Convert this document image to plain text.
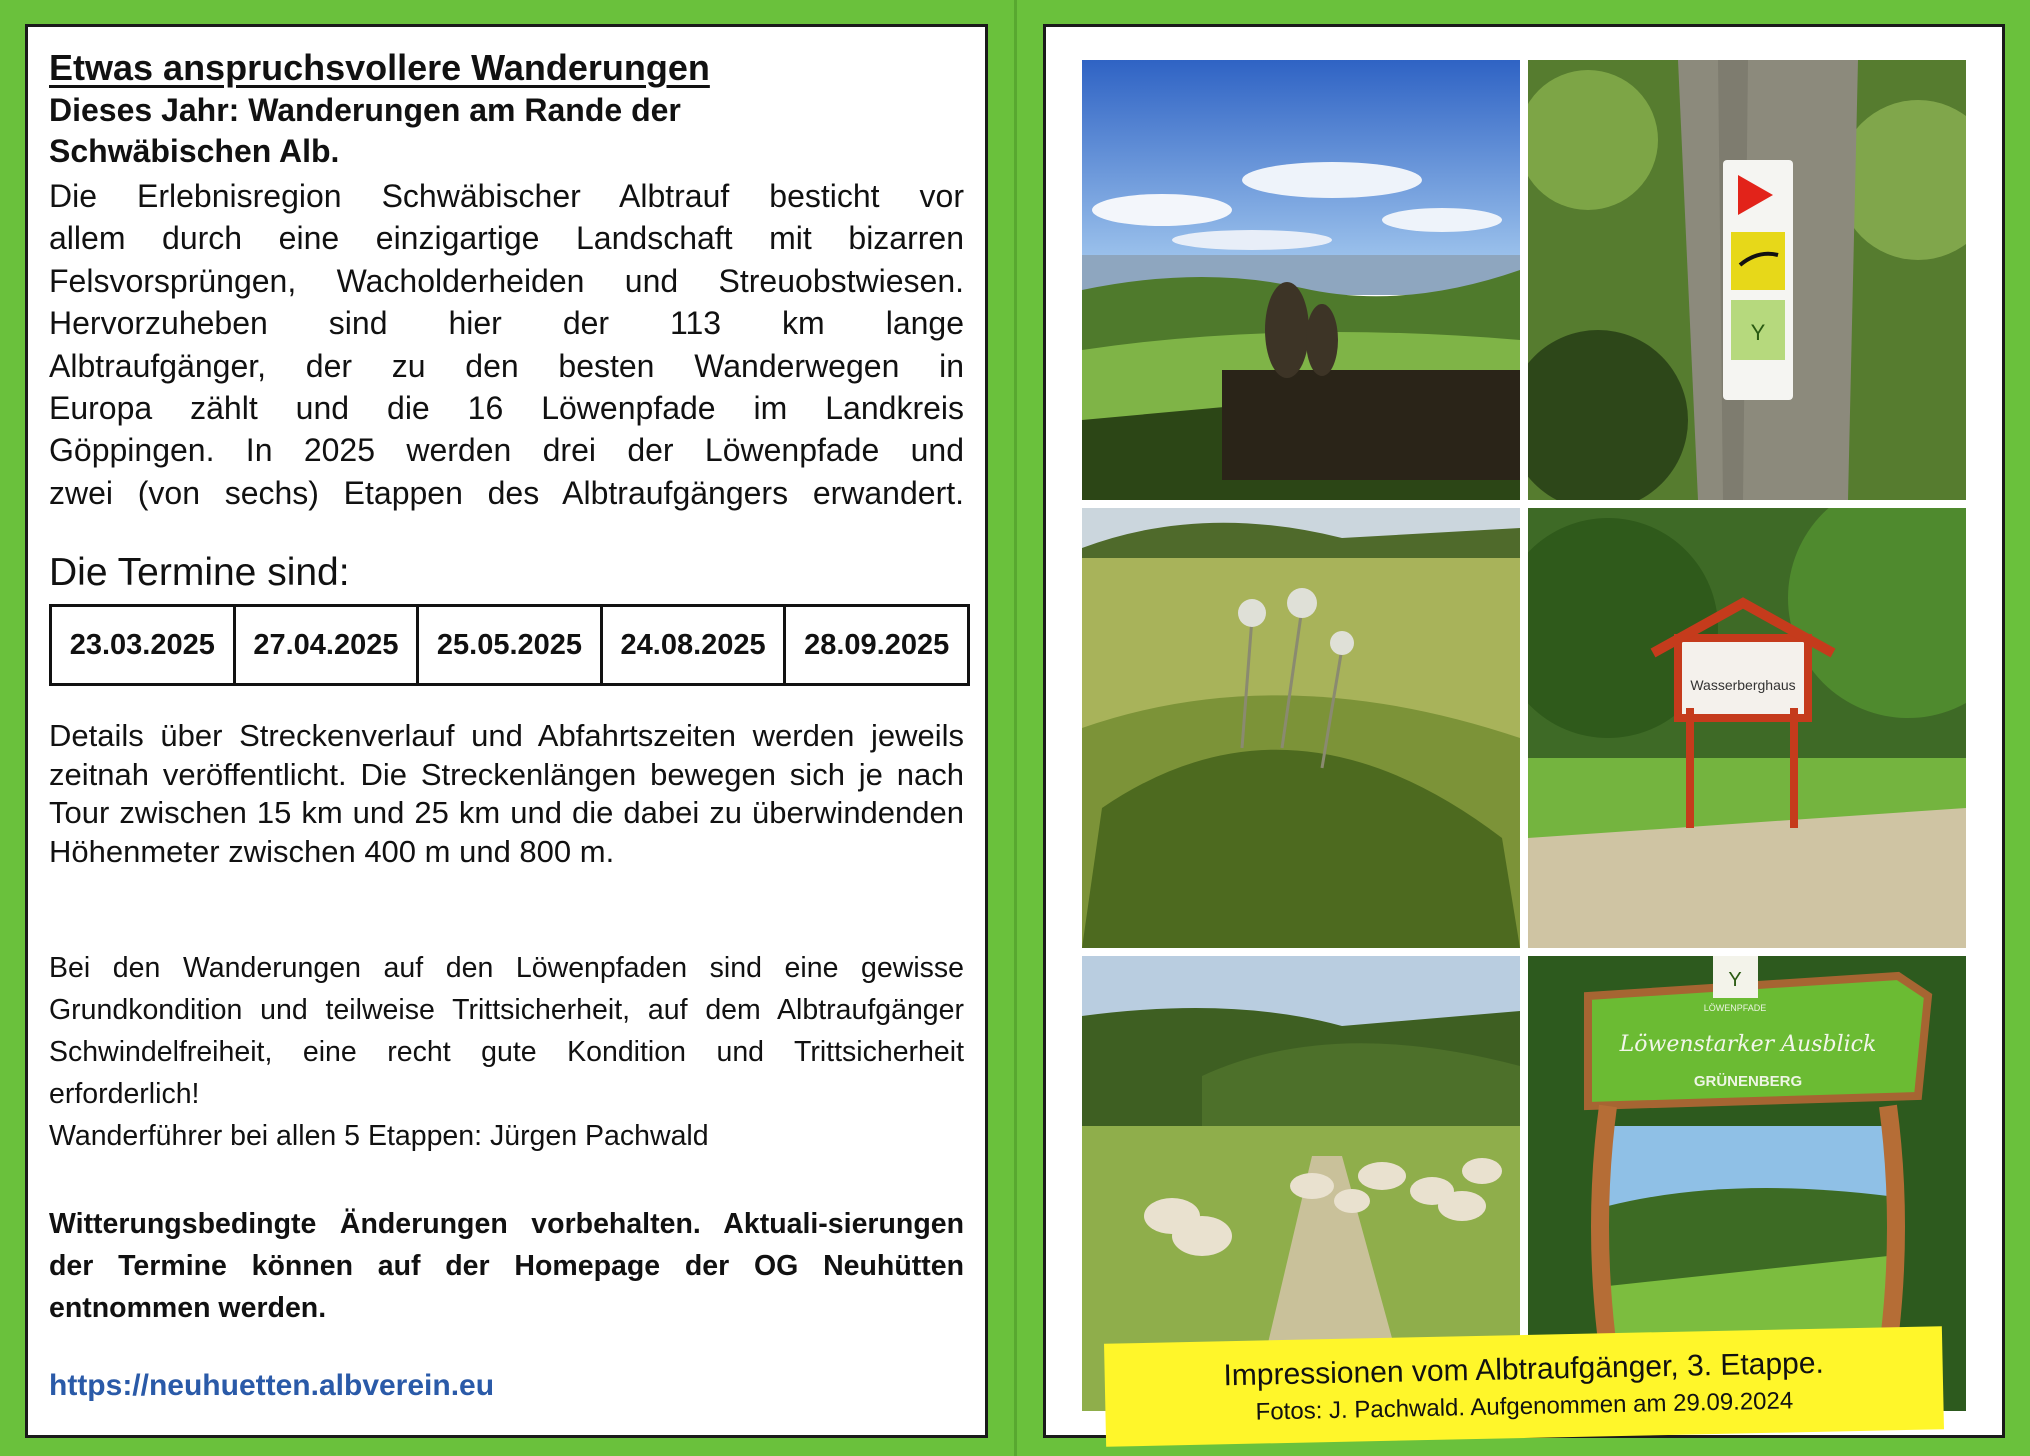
Etwas anspruchsvollere Wanderungen
Dieses Jahr: Wanderungen am Rande der
Schwäbischen Alb.
Die Erlebnisregion Schwäbischer Albtrauf besticht vor
allem durch eine einzigartige Landschaft mit bizarren
Felsvorsprüngen, Wacholderheiden und Streuobstwiesen.
Hervorzuheben sind hier der 113 km lange
Albtraufgänger, der zu den besten Wanderwegen in
Europa zählt und die 16 Löwenpfade im Landkreis
Göppingen. In 2025 werden drei der Löwenpfade und
zwei (von sechs) Etappen des Albtraufgängers erwandert.
Die Termine sind:
23.03.2025	27.04.2025	25.05.2025	24.08.2025	28.09.2025
Details über Streckenverlauf und Abfahrtszeiten werden jeweils zeitnah veröffentlicht. Die Streckenlängen bewegen sich je nach Tour zwischen 15 km und 25 km und die dabei zu überwindenden Höhenmeter zwischen 400 m und 800 m.
Bei den Wanderungen auf den Löwenpfaden sind eine gewisse Grundkondition und teilweise Trittsicherheit, auf dem Albtraufgänger Schwindelfreiheit, eine recht gute Kondition und Trittsicherheit erforderlich!
Wanderführer bei allen 5 Etappen: Jürgen Pachwald
Witterungsbedingte Änderungen vorbehalten. Aktuali-sierungen der Termine können auf der Homepage der OG Neuhütten entnommen werden.
https://neuhuetten.albverein.eu
Y
Wasserberghaus
Y
LÖWENPFADE
Löwenstarker Ausblick
GRÜNENBERG
Impressionen vom Albtraufgänger, 3. Etappe.
Fotos: J. Pachwald. Aufgenommen am 29.09.2024
